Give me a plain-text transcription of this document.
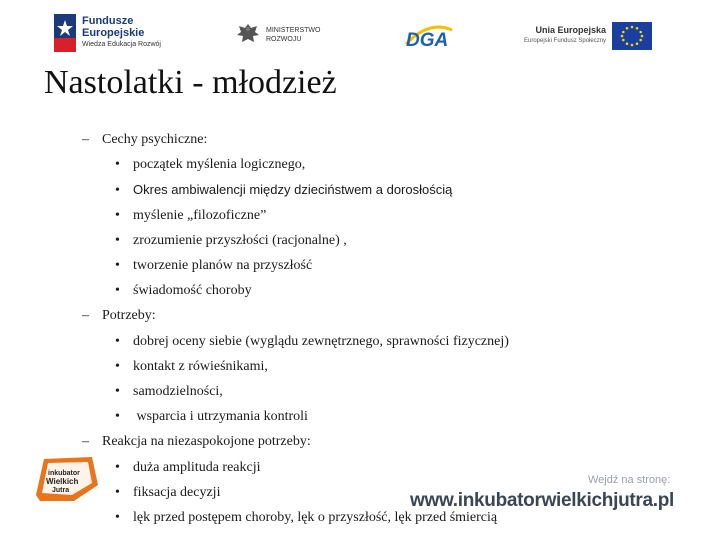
Fundusze
Europejskie
Wiedza Edukacja Rozwój
MINISTERSTWO
ROZWOJU	DGA	Unia Europejska
Europejski Fundusz Społeczny
Nastolatki - młodzież
– Cechy psychiczne:
• początek myślenia logicznego,
• Okres ambiwalencji między dzieciństwem a dorosłością
• myślenie „filozoficzne”
• zrozumienie przyszłości (racjonalne) ,
• tworzenie planów na przyszłość
• świadomość choroby
– Potrzeby:
• dobrej oceny siebie (wyglądu zewnętrznego, sprawności fizycznej)
• kontakt z rówieśnikami,
• samodzielności,
• wsparcia i utrzymania kontroli
– Reakcja na niezaspokojone potrzeby:
• duża amplituda reakcji
• fiksacja decyzji
• lęk przed postępem choroby, lęk o przyszłość, lęk przed śmiercią
inkubator
Wielkich
Jutra
Wejdź na stronę:
www.inkubatorwielkichjutra.pl
